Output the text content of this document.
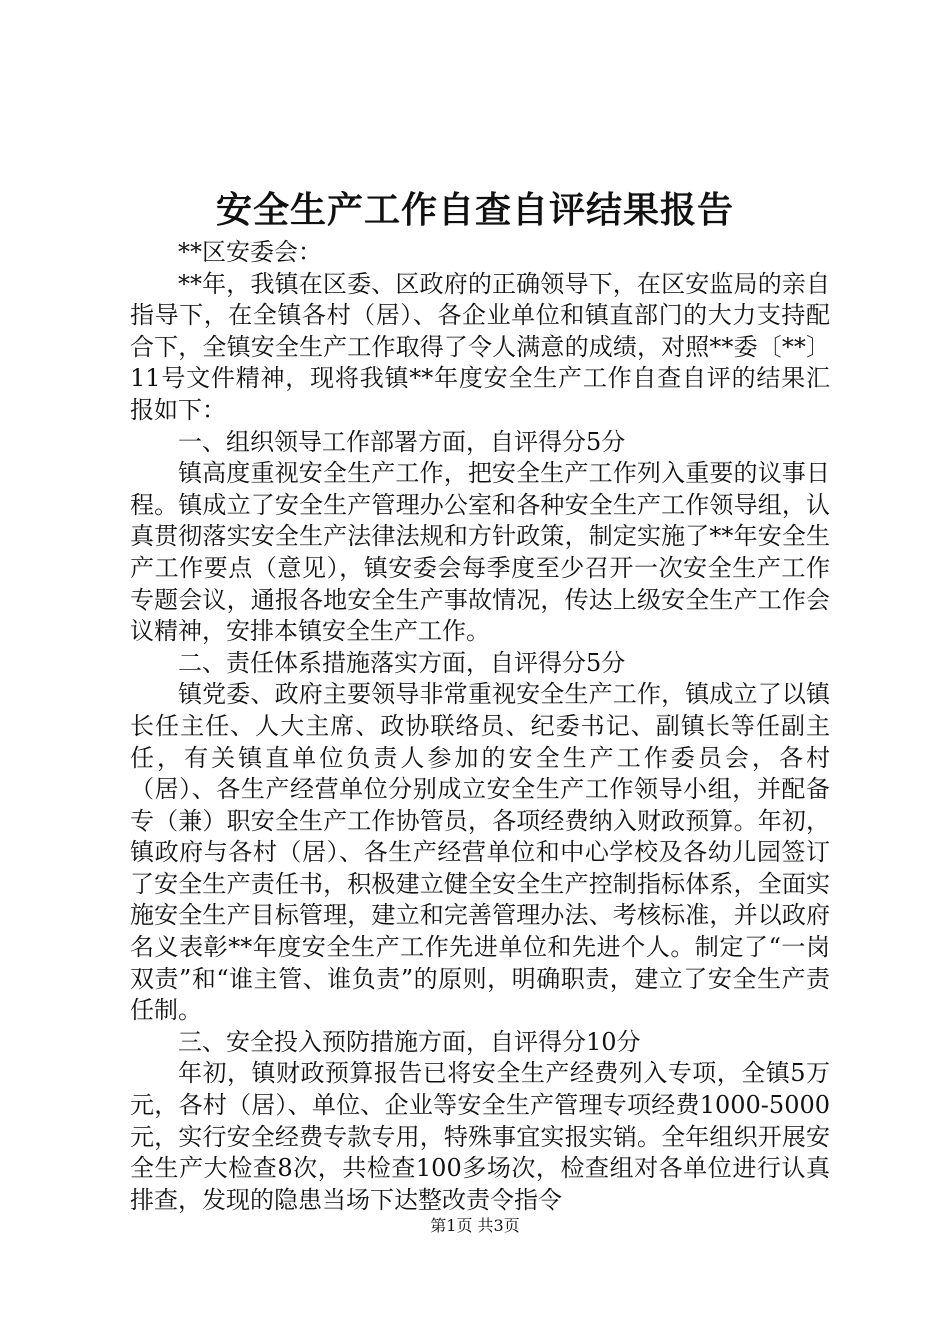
安全生产工作自查自评结果报告

**区安委会：

**年，我镇在区委、区政府的正确领导下，在区安监局的亲自指导下，在全镇各村（居）、各企业单位和镇直部门的大力支持配合下，全镇安全生产工作取得了令人满意的成绩，对照**委〔**〕11号文件精神，现将我镇**年度安全生产工作自查自评的结果汇报如下：

一、组织领导工作部署方面，自评得分5分

镇高度重视安全生产工作，把安全生产工作列入重要的议事日程。镇成立了安全生产管理办公室和各种安全生产工作领导组，认真贯彻落实安全生产法律法规和方针政策，制定实施了**年安全生产工作要点（意见），镇安委会每季度至少召开一次安全生产工作专题会议，通报各地安全生产事故情况，传达上级安全生产工作会议精神，安排本镇安全生产工作。

二、责任体系措施落实方面，自评得分5分

镇党委、政府主要领导非常重视安全生产工作，镇成立了以镇长任主任、人大主席、政协联络员、纪委书记、副镇长等任副主任，有关镇直单位负责人参加的安全生产工作委员会，各村（居）、各生产经营单位分别成立安全生产工作领导小组，并配备专（兼）职安全生产工作协管员，各项经费纳入财政预算。年初，镇政府与各村（居）、各生产经营单位和中心学校及各幼儿园签订了安全生产责任书，积极建立健全安全生产控制指标体系，全面实施安全生产目标管理，建立和完善管理办法、考核标准，并以政府名义表彰**年度安全生产工作先进单位和先进个人。制定了“一岗双责”和“谁主管、谁负责”的原则，明确职责，建立了安全生产责任制。

三、安全投入预防措施方面，自评得分10分

年初，镇财政预算报告已将安全生产经费列入专项，全镇5万元，各村（居）、单位、企业等安全生产管理专项经费1000-5000元，实行安全经费专款专用，特殊事宜实报实销。全年组织开展安全生产大检查8次，共检查100多场次，检查组对各单位进行认真排查，发现的隐患当场下达整改责令指令

第1页 共3页
